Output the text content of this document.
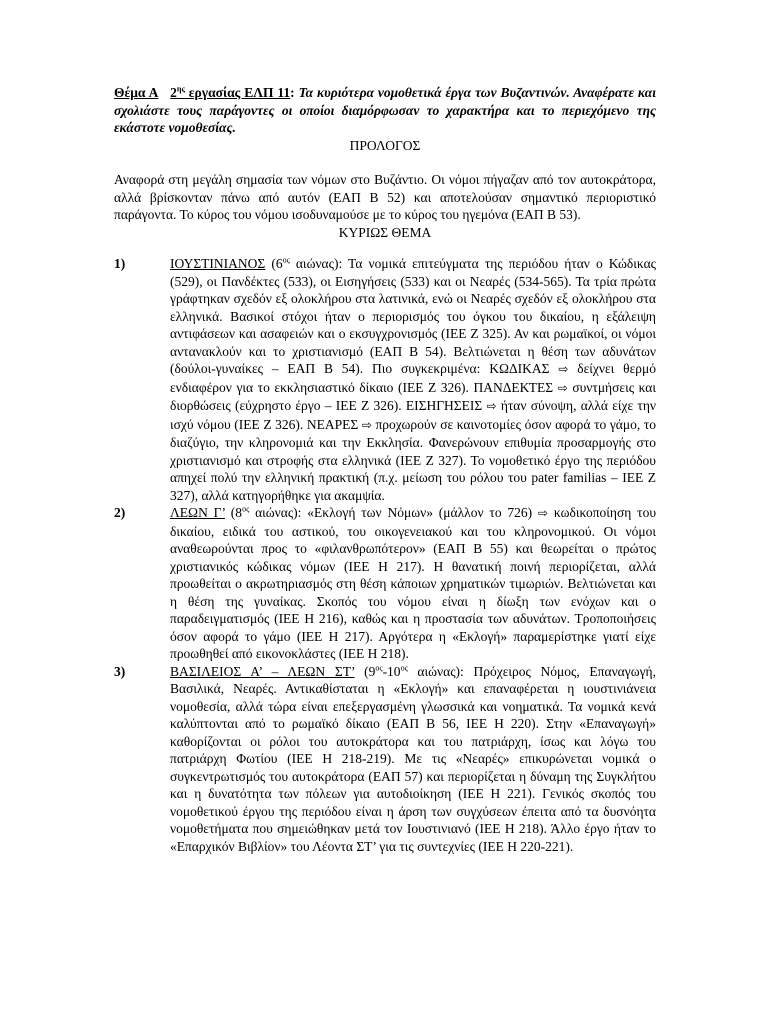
Θέμα Α $2^{\eta\varsigma}$ εργασίας ΕΛΠ 11: Τα κυριότερα νομοθετικά έργα των Βυζαντινών. Αναφέρατε και σχολιάστε τους παράγοντες οι οποίοι διαμόρφωσαν το χαρακτήρα και το περιεχόμενο της εκάστοτε νομοθεσίας.

ΠΡΟΛΟΓΟΣ

Αναφορά στη μεγάλη σημασία των νόμων στο Βυζάντιο. Οι νόμοι πήγαζαν από τον αυτοκράτορα, αλλά βρίσκονταν πάνω από αυτόν (ΕΑΠ Β 52) και αποτελούσαν σημαντικό περιοριστικό παράγοντα. Το κύρος του νόμου ισοδυναμούσε με το κύρος του ηγεμόνα (ΕΑΠ Β 53).

ΚΥΡΙΩΣ ΘΕΜΑ

1)	ΙΟΥΣΤΙΝΙΑΝΟΣ ($6^{o\varsigma}$ αιώνας): Τα νομικά επιτεύγματα της περιόδου ήταν ο Κώδικας (529), οι Πανδέκτες (533), οι Εισηγήσεις (533) και οι Νεαρές (534-565). Τα τρία πρώτα γράφτηκαν σχεδόν εξ ολοκλήρου στα λατινικά, ενώ οι Νεαρές σχεδόν εξ ολοκλήρου στα ελληνικά. Βασικοί στόχοι ήταν ο περιορισμός του όγκου του δικαίου, η εξάλειψη αντιφάσεων και ασαφειών και ο εκσυγχρονισμός (ΙΕΕ Ζ 325). Αν και ρωμαϊκοί, οι νόμοι αντανακλούν και το χριστιανισμό (ΕΑΠ Β 54). Βελτιώνεται η θέση των αδυνάτων (δούλοι-γυναίκες – ΕΑΠ Β 54). Πιο συγκεκριμένα: ΚΩΔΙΚΑΣ ⇨ δείχνει θερμό ενδιαφέρον για το εκκλησιαστικό δίκαιο (ΙΕΕ Ζ 326). ΠΑΝΔΕΚΤΕΣ ⇨ συντμήσεις και διορθώσεις (εύχρηστο έργο – ΙΕΕ Ζ 326). ΕΙΣΗΓΗΣΕΙΣ ⇨ ήταν σύνοψη, αλλά είχε την ισχύ νόμου (ΙΕΕ Ζ 326). ΝΕΑΡΕΣ ⇨ προχωρούν σε καινοτομίες όσον αφορά το γάμο, το διαζύγιο, την κληρονομιά και την Εκκλησία. Φανερώνουν επιθυμία προσαρμογής στο χριστιανισμό και στροφής στα ελληνικά (ΙΕΕ Ζ 327). Το νομοθετικό έργο της περιόδου απηχεί πολύ την ελληνική πρακτική (π.χ. μείωση του ρόλου του pater familias – ΙΕΕ Ζ 327), αλλά κατηγορήθηκε για ακαμψία.
2)	ΛΕΩΝ Γ’ ($8^{o\varsigma}$ αιώνας): «Εκλογή των Νόμων» (μάλλον το 726) ⇨ κωδικοποίηση του δικαίου, ειδικά του αστικού, του οικογενειακού και του κληρονομικού. Οι νόμοι αναθεωρούνται προς το «φιλανθρωπότερον» (ΕΑΠ Β 55) και θεωρείται ο πρώτος χριστιανικός κώδικας νόμων (ΙΕΕ Η 217). Η θανατική ποινή περιορίζεται, αλλά προωθείται ο ακρωτηριασμός στη θέση κάποιων χρηματικών τιμωριών. Βελτιώνεται και η θέση της γυναίκας. Σκοπός του νόμου είναι η δίωξη των ενόχων και ο παραδειγματισμός (ΙΕΕ Η 216), καθώς και η προστασία των αδυνάτων. Τροποποιήσεις όσον αφορά το γάμο (ΙΕΕ Η 217). Αργότερα η «Εκλογή» παραμερίστηκε γιατί είχε προωθηθεί από εικονοκλάστες (ΙΕΕ Η 218).
3)	ΒΑΣΙΛΕΙΟΣ Α’ – ΛΕΩΝ ΣΤ’ ($9^{o\varsigma}-10^{o\varsigma}$ αιώνας): Πρόχειρος Νόμος, Επαναγωγή, Βασιλικά, Νεαρές. Αντικαθίσταται η «Εκλογή» και επαναφέρεται η ιουστινιάνεια νομοθεσία, αλλά τώρα είναι επεξεργασμένη γλωσσικά και νοηματικά. Τα νομικά κενά καλύπτονται από το ρωμαϊκό δίκαιο (ΕΑΠ Β 56, ΙΕΕ Η 220). Στην «Επαναγωγή» καθορίζονται οι ρόλοι του αυτοκράτορα και του πατριάρχη, ίσως και λόγω του πατριάρχη Φωτίου (ΙΕΕ Η 218-219). Με τις «Νεαρές» επικυρώνεται νομικά ο συγκεντρωτισμός του αυτοκράτορα (ΕΑΠ 57) και περιορίζεται η δύναμη της Συγκλήτου και η δυνατότητα των πόλεων για αυτοδιοίκηση (ΙΕΕ Η 221). Γενικός σκοπός του νομοθετικού έργου της περιόδου είναι η άρση των συγχύσεων έπειτα από τα δυσνόητα νομοθετήματα που σημειώθηκαν μετά τον Ιουστινιανό (ΙΕΕ Η 218). Άλλο έργο ήταν το «Επαρχικόν Βιβλίον» του Λέοντα ΣΤ’ για τις συντεχνίες (ΙΕΕ Η 220-221).
